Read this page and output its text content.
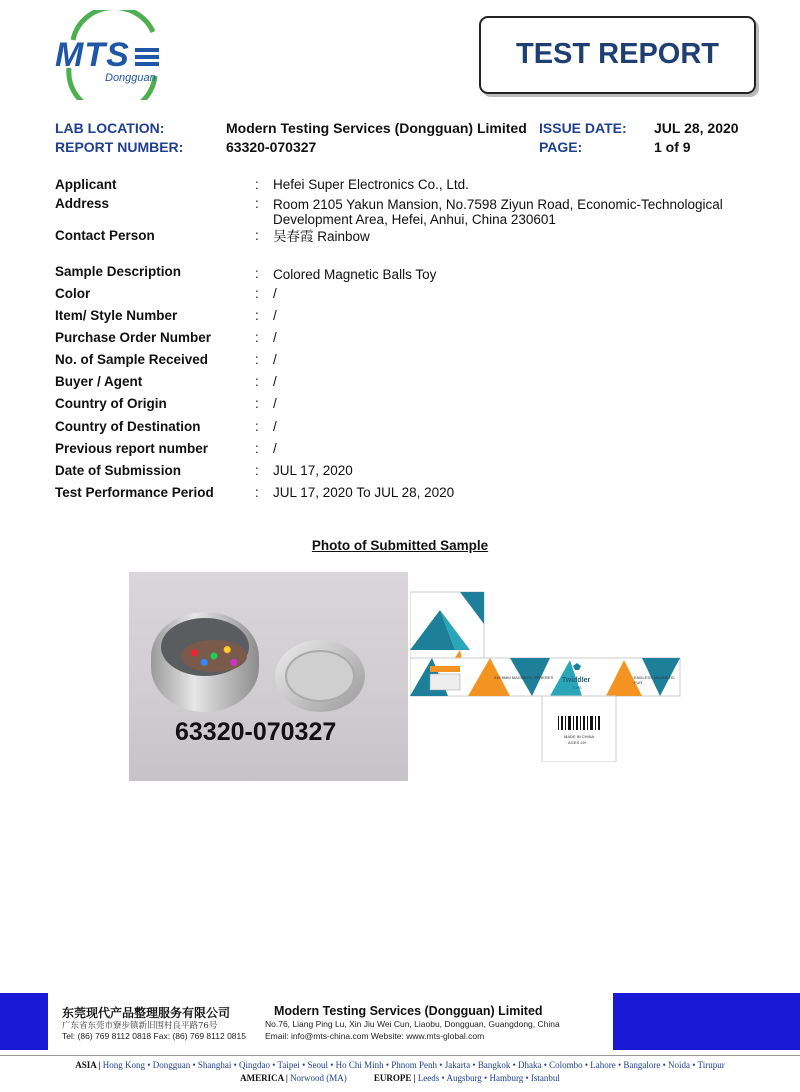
MTS
Dongguan
TEST REPORT
LAB LOCATION:	Modern Testing Services (Dongguan) Limited ISSUE DATE: JUL 28, 2020
REPORT NUMBER:	63320-070327	PAGE:	1 of 9
Applicant	: Hefei Super Electronics Co., Ltd.
Address	: Room 2105 Yakun Mansion, No.7598 Ziyun Road, Economic-Technological
Development Area, Hefei, Anhui, China 230601
Contact Person	: 吴春霞 Rainbow
Sample Description	: Colored Magnetic Balls Toy
Color	: /
Item/ Style Number	: /
Purchase Order Number	: /
No. of Sample Received	: /
Buyer / Agent	: /
Country of Origin	: /
Country of Destination	: /
Previous report number	: /
Date of Submission	: JUL 17, 2020
Test Performance Period	: JUL 17, 2020 To JUL 28, 2020
Photo of Submitted Sample
63320-070327
216 5MM MAGNETIC SPHERES Twiddler
TOYS
ENDLESS MAGNETIC FUN
MADE IN CHINA
AGES 15+
东莞现代产品整理服务有限公司
广东省东莞市寮步镇新旧围村良平路76号
Tel: (86) 769 8112 0818 Fax: (86) 769 8112 0815
Modern Testing Services (Dongguan) Limited
No.76, Liang Ping Lu, Xin Jiu Wei Cun, Liaobu, Dongguan, Guangdong, China
Email: info@mts-china.com Website: www.mts-global.com
ASIA | Hong Kong • Dongguan • Shanghai • Qingdao • Taipei • Seoul • Ho Chi Minh • Phnom Penh • Jakarta • Bangkok • Dhaka • Colombo • Lahore • Bangalore • Noida • Tirupur
AMERICA | Norwood (MA)	EUROPE | Leeds • Augsburg • Hamburg • Istanbul
